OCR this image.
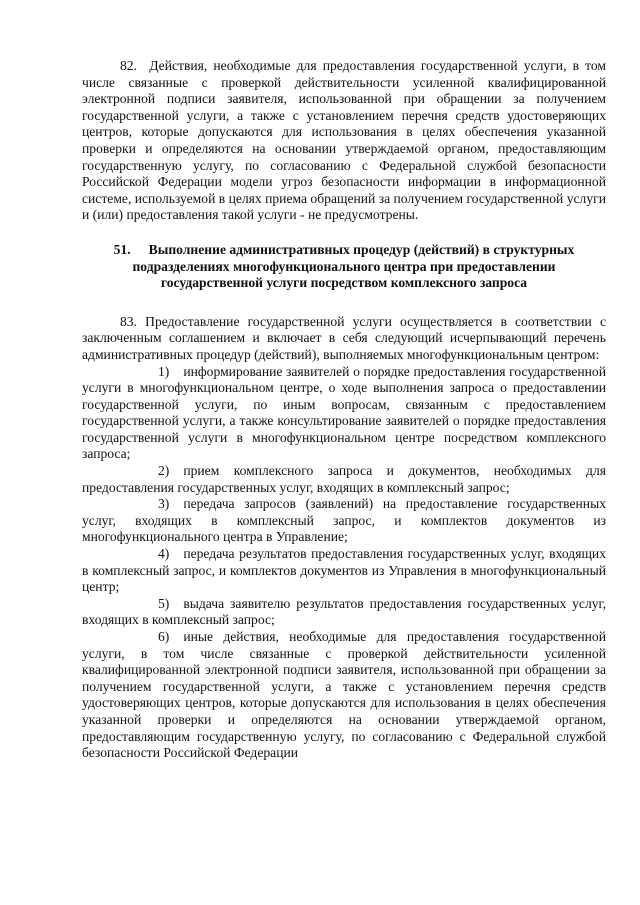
82. Действия, необходимые для предоставления государственной услуги, в том числе связанные с проверкой действительности усиленной квалифицированной электронной подписи заявителя, использованной при обращении за получением государственной услуги, а также с установлением перечня средств удостоверяющих центров, которые допускаются для использования в целях обеспечения указанной проверки и определяются на основании утверждаемой органом, предоставляющим государственную услугу, по согласованию с Федеральной службой безопасности Российской Федерации модели угроз безопасности информации в информационной системе, используемой в целях приема обращений за получением государственной услуги и (или) предоставления такой услуги - не предусмотрены.

51. Выполнение административных процедур (действий) в структурных подразделениях многофункционального центра при предоставлении государственной услуги посредством комплексного запроса

83. Предоставление государственной услуги осуществляется в соответствии с заключенным соглашением и включает в себя следующий исчерпывающий перечень административных процедур (действий), выполняемых многофункциональным центром:

1) информирование заявителей о порядке предоставления государственной услуги в многофункциональном центре, о ходе выполнения запроса о предоставлении государственной услуги, по иным вопросам, связанным с предоставлением государственной услуги, а также консультирование заявителей о порядке предоставления государственной услуги в многофункциональном центре посредством комплексного запроса;

2) прием комплексного запроса и документов, необходимых для предоставления государственных услуг, входящих в комплексный запрос;

3) передача запросов (заявлений) на предоставление государственных услуг, входящих в комплексный запрос, и комплектов документов из многофункционального центра в Управление;

4) передача результатов предоставления государственных услуг, входящих в комплексный запрос, и комплектов документов из Управления в многофункциональный центр;

5) выдача заявителю результатов предоставления государственных услуг, входящих в комплексный запрос;

6) иные действия, необходимые для предоставления государственной услуги, в том числе связанные с проверкой действительности усиленной квалифицированной электронной подписи заявителя, использованной при обращении за получением государственной услуги, а также с установлением перечня средств удостоверяющих центров, которые допускаются для использования в целях обеспечения указанной проверки и определяются на основании утверждаемой органом, предоставляющим государственную услугу, по согласованию с Федеральной службой безопасности Российской Федерации
